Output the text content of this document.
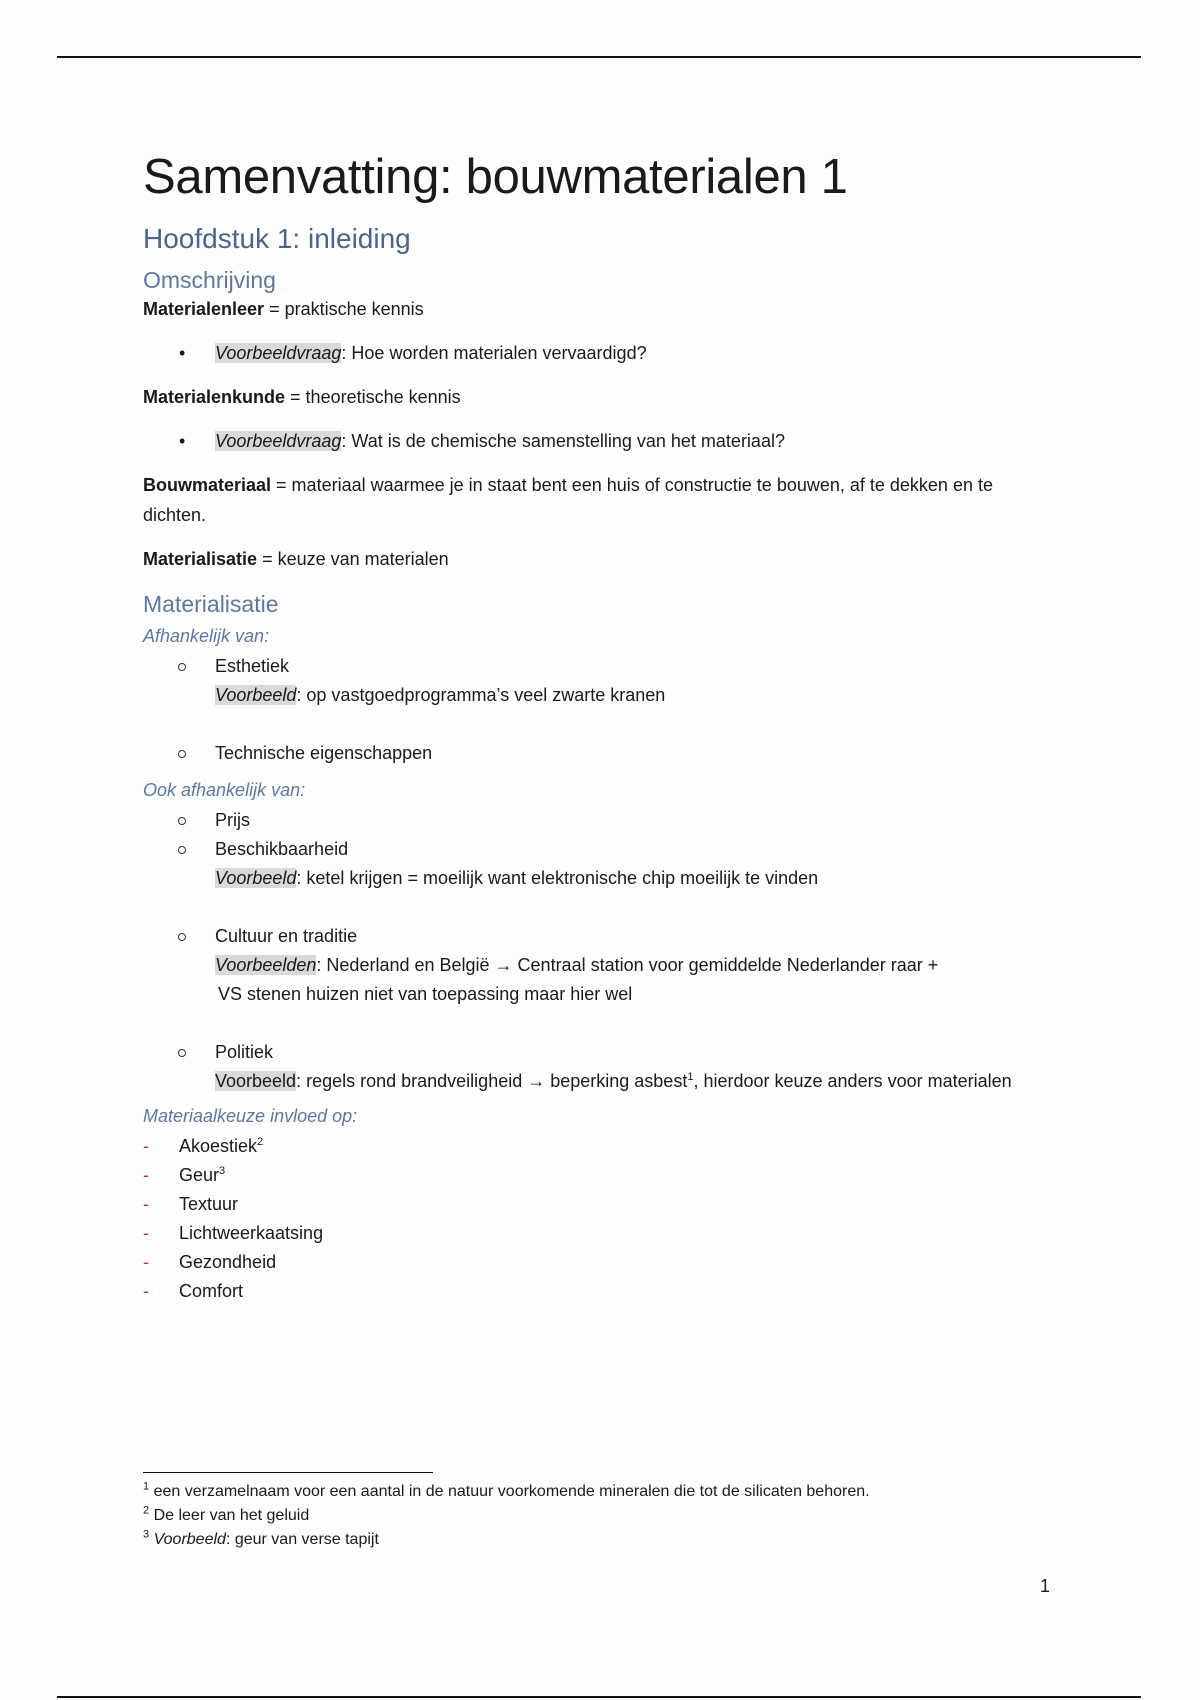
Samenvatting: bouwmaterialen 1
Hoofdstuk 1: inleiding
Omschrijving

Materialenleer = praktische kennis

• Voorbeeldvraag: Hoe worden materialen vervaardigd?

Materialenkunde = theoretische kennis

• Voorbeeldvraag: Wat is de chemische samenstelling van het materiaal?

Bouwmateriaal = materiaal waarmee je in staat bent een huis of constructie te bouwen, af te dekken en te dichten.

Materialisatie = keuze van materialen

Materialisatie
Afhankelijk van:
Esthetiek
Voorbeeld: op vastgoedprogramma’s veel zwarte kranen
Technische eigenschappen
Ook afhankelijk van:
Prijs
Beschikbaarheid
Voorbeeld: ketel krijgen = moeilijk want elektronische chip moeilijk te vinden
Cultuur en traditie
Voorbeelden: Nederland en België → Centraal station voor gemiddelde Nederlander raar +
VS stenen huizen niet van toepassing maar hier wel
Politiek
Voorbeeld: regels rond brandveiligheid → beperking asbest$^1$, hierdoor keuze anders voor materialen
Materiaalkeuze invloed op:
- Akoestiek$^2$
- Geur$^3$
- Textuur
- Lichtweerkaatsing
- Gezondheid
- Comfort
$^1$ een verzamelnaam voor een aantal in de natuur voorkomende mineralen die tot de silicaten behoren.
$^2$ De leer van het geluid
$^3$ Voorbeeld: geur van verse tapijt
1
